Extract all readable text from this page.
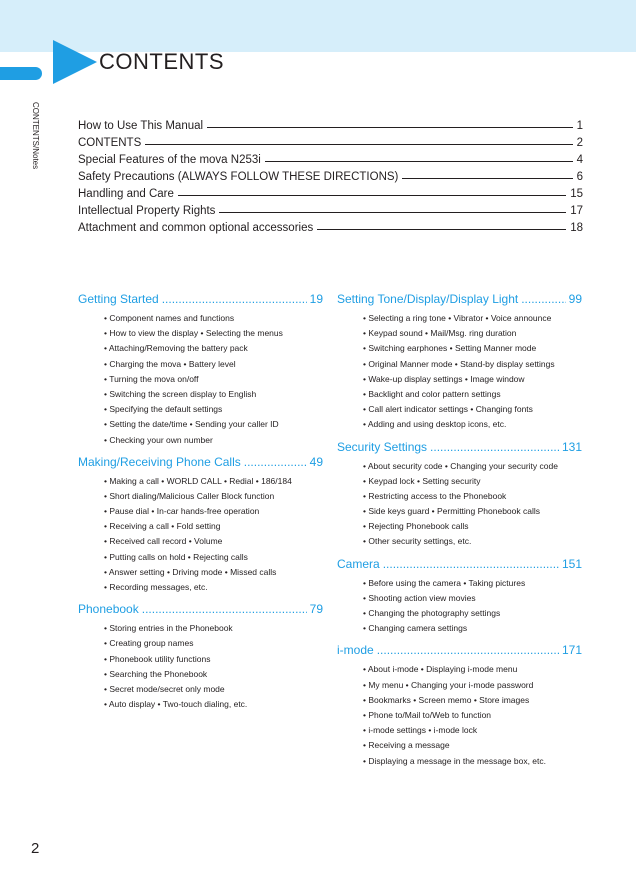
CONTENTS
CONTENTS/Notes	How to Use This Manual	1
CONTENTS	2
Special Features of the mova N253i	4
Safety Precautions (ALWAYS FOLLOW THESE DIRECTIONS)	6
Handling and Care	15
Intellectual Property Rights	17
Attachment and common optional accessories	18
Getting Started .....	19
• Component names and functions
• How to view the display • Selecting the menus
• Attaching/Removing the battery pack
• Charging the mova • Battery level
• Turning the mova on/off
• Switching the screen display to English
• Specifying the default settings
• Setting the date/time • Sending your caller ID
• Checking your own number
Making/Receiving Phone Calls .....	49
• Making a call • WORLD CALL • Redial • 186/184
• Short dialing/Malicious Caller Block function
• Pause dial • In-car hands-free operation
• Receiving a call • Fold setting
• Received call record • Volume
• Putting calls on hold • Rejecting calls
• Answer setting • Driving mode • Missed calls
• Recording messages, etc.
Phonebook .....	79
• Storing entries in the Phonebook
• Creating group names
• Phonebook utility functions
• Searching the Phonebook
• Secret mode/secret only mode
• Auto display • Two-touch dialing, etc.
Setting Tone/Display/Display Light .....	99
• Selecting a ring tone • Vibrator • Voice announce
• Keypad sound • Mail/Msg. ring duration
• Switching earphones • Setting Manner mode
• Original Manner mode • Stand-by display settings
• Wake-up display settings • Image window
• Backlight and color pattern settings
• Call alert indicator settings • Changing fonts
• Adding and using desktop icons, etc.
Security Settings .....	131
• About security code • Changing your security code
• Keypad lock • Setting security
• Restricting access to the Phonebook
• Side keys guard • Permitting Phonebook calls
• Rejecting Phonebook calls
• Other security settings, etc.
Camera .....	151
• Before using the camera • Taking pictures
• Shooting action view movies
• Changing the photography settings
• Changing camera settings
i-mode .....	171
• About i-mode • Displaying i-mode menu
• My menu • Changing your i-mode password
• Bookmarks • Screen memo • Store images
• Phone to/Mail to/Web to function
• i-mode settings • i-mode lock
• Receiving a message
• Displaying a message in the message box, etc.
2
